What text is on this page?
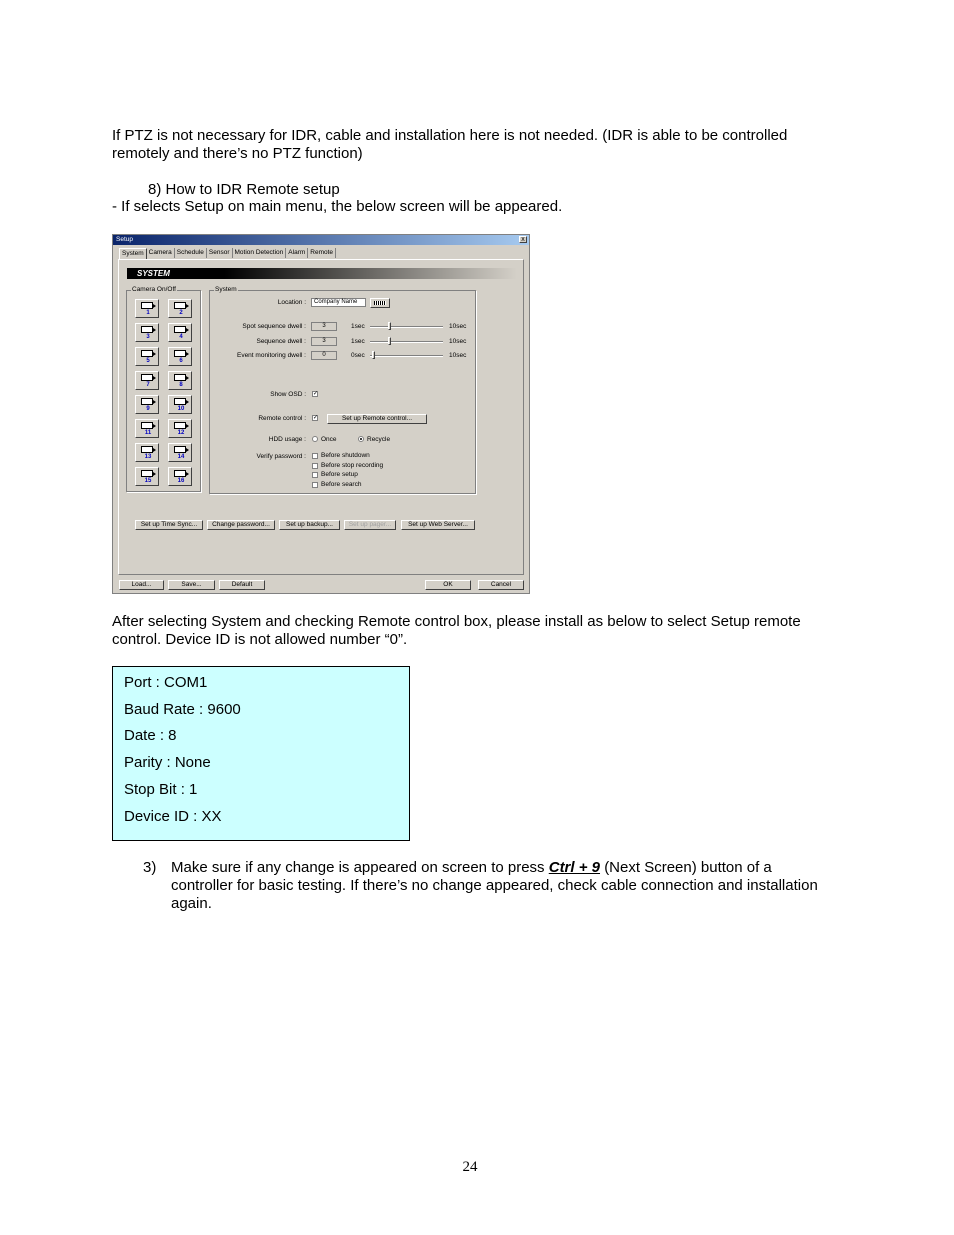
If PTZ is not necessary for IDR, cable and installation here is not needed. (IDR is able to be controlled

remotely and there’s no PTZ function)

8) How to IDR Remote setup

- If selects Setup on main menu, the below screen will be appeared.

Setup	x
System Camera Schedule Sensor Motion Detection Alarm Remote
SYSTEM
Camera On/Off	System
Location :	Company Name
Spot sequence dwell :	3	1sec	10sec
Sequence dwell :	3	1sec	10sec
Event monitoring dwell :	0	0sec	10sec
Show OSD : ✓
Remote control : ✓	Set up Remote control...
HDD usage : Once	Recycle
Verify password : Before shutdown
Before stop recording
Before setup
Before search
Set up Time Sync...	Change password...	Set up backup...	Set up pager...	Set up Web Server...
Load...	Save...	Default	OK	Cancel
1	2
3	4
5	6
7	8
9	10
11	12
13	14
15	16

After selecting System and checking Remote control box, please install as below to select Setup remote

control. Device ID is not allowed number “0”.

Port : COM1
Baud Rate : 9600
Date : 8
Parity : None
Stop Bit : 1
Device ID : XX
3) Make sure if any change is appeared on screen to press Ctrl + 9 (Next Screen) button of a

controller for basic testing. If there’s no change appeared, check cable connection and installation

again.

24
